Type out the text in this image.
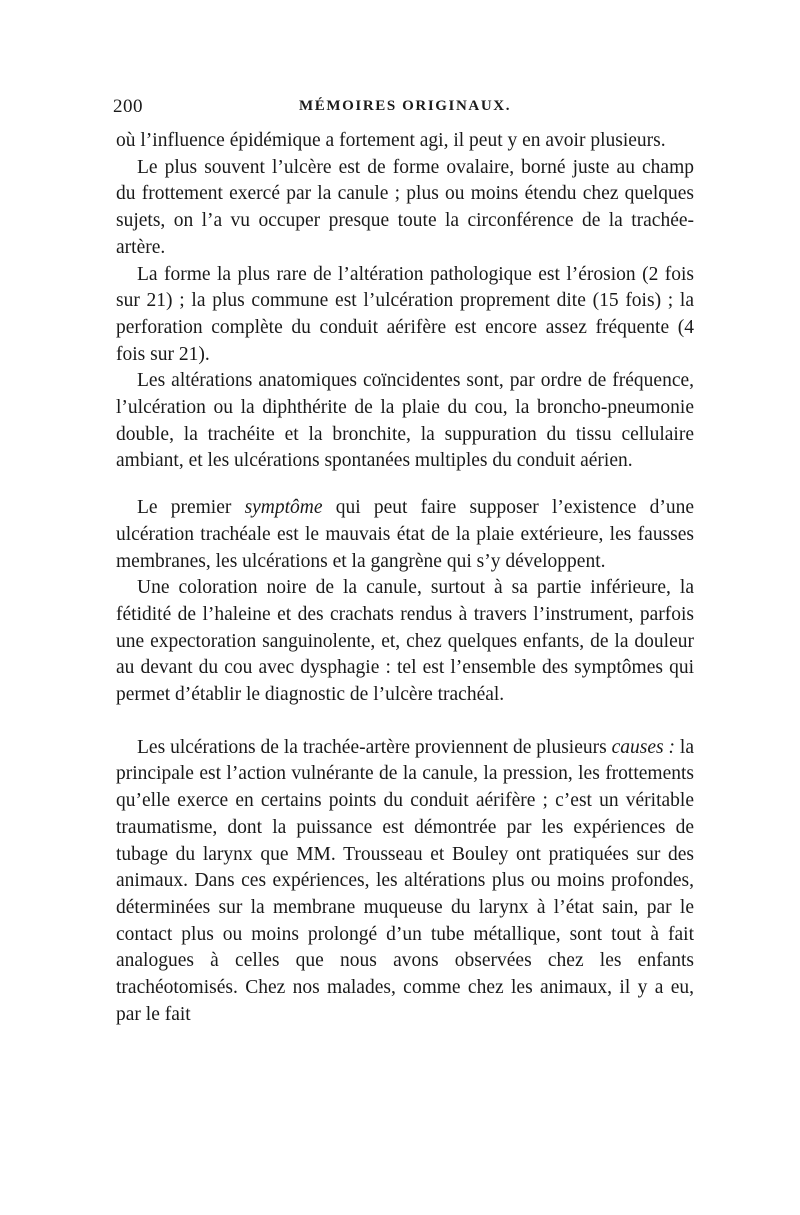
200	MÉMOIRES ORIGINAUX.

où l’influence épidémique a fortement agi, il peut y en avoir plusieurs.

Le plus souvent l’ulcère est de forme ovalaire, borné juste au champ du frottement exercé par la canule ; plus ou moins étendu chez quelques sujets, on l’a vu occuper presque toute la circonférence de la trachée-artère.

La forme la plus rare de l’altération pathologique est l’érosion (2 fois sur 21) ; la plus commune est l’ulcération proprement dite (15 fois) ; la perforation complète du conduit aérifère est encore assez fréquente (4 fois sur 21).

Les altérations anatomiques coïncidentes sont, par ordre de fréquence, l’ulcération ou la diphthérite de la plaie du cou, la broncho-pneumonie double, la trachéite et la bronchite, la suppuration du tissu cellulaire ambiant, et les ulcérations spontanées multiples du conduit aérien.

Le premier symptôme qui peut faire supposer l’existence d’une ulcération trachéale est le mauvais état de la plaie extérieure, les fausses membranes, les ulcérations et la gangrène qui s’y développent.

Une coloration noire de la canule, surtout à sa partie inférieure, la fétidité de l’haleine et des crachats rendus à travers l’instrument, parfois une expectoration sanguinolente, et, chez quelques enfants, de la douleur au devant du cou avec dysphagie : tel est l’ensemble des symptômes qui permet d’établir le diagnostic de l’ulcère trachéal.

Les ulcérations de la trachée-artère proviennent de plusieurs causes : la principale est l’action vulnérante de la canule, la pression, les frottements qu’elle exerce en certains points du conduit aérifère ; c’est un véritable traumatisme, dont la puissance est démontrée par les expériences de tubage du larynx que MM. Trousseau et Bouley ont pratiquées sur des animaux. Dans ces expériences, les altérations plus ou moins profondes, déterminées sur la membrane muqueuse du larynx à l’état sain, par le contact plus ou moins prolongé d’un tube métallique, sont tout à fait analogues à celles que nous avons observées chez les enfants trachéotomisés. Chez nos malades, comme chez les animaux, il y a eu, par le fait
